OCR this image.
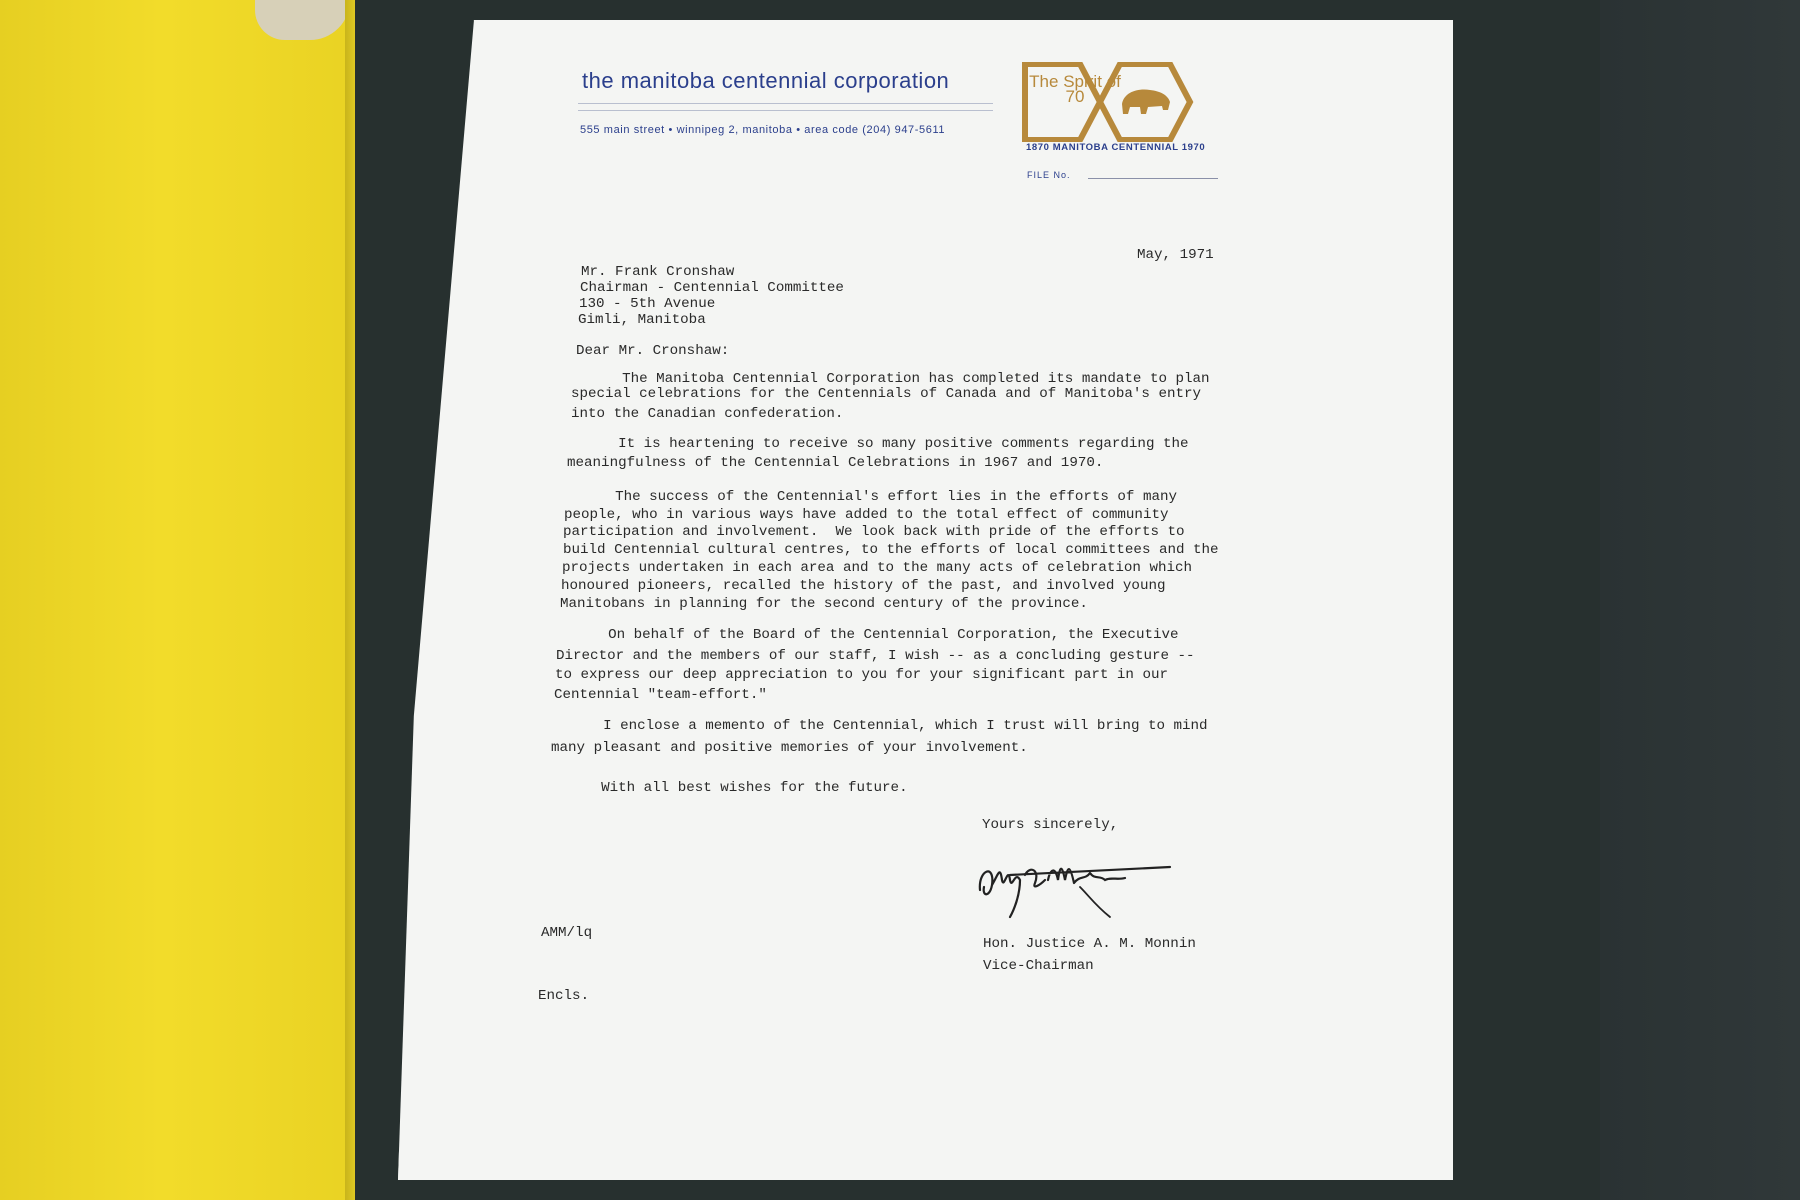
the manitoba centennial corporation
555 main street • winnipeg 2, manitoba • area code (204) 947-5611
The Spirit of 70
1870 MANITOBA CENTENNIAL 1970
FILE No.
May, 1971
Mr. Frank Cronshaw
Chairman - Centennial Committee
130 - 5th Avenue
Gimli, Manitoba
Dear Mr. Cronshaw:
The Manitoba Centennial Corporation has completed its mandate to plan
special celebrations for the Centennials of Canada and of Manitoba's entry
into the Canadian confederation.
It is heartening to receive so many positive comments regarding the
meaningfulness of the Centennial Celebrations in 1967 and 1970.
The success of the Centennial's effort lies in the efforts of many
people, who in various ways have added to the total effect of community
participation and involvement.  We look back with pride of the efforts to
build Centennial cultural centres, to the efforts of local committees and the
projects undertaken in each area and to the many acts of celebration which
honoured pioneers, recalled the history of the past, and involved young
Manitobans in planning for the second century of the province.
On behalf of the Board of the Centennial Corporation, the Executive
Director and the members of our staff, I wish -- as a concluding gesture --
to express our deep appreciation to you for your significant part in our
Centennial "team-effort."
I enclose a memento of the Centennial, which I trust will bring to mind
many pleasant and positive memories of your involvement.
With all best wishes for the future.
Yours sincerely,
AMM/lq
Hon. Justice A. M. Monnin
Vice-Chairman
Encls.
